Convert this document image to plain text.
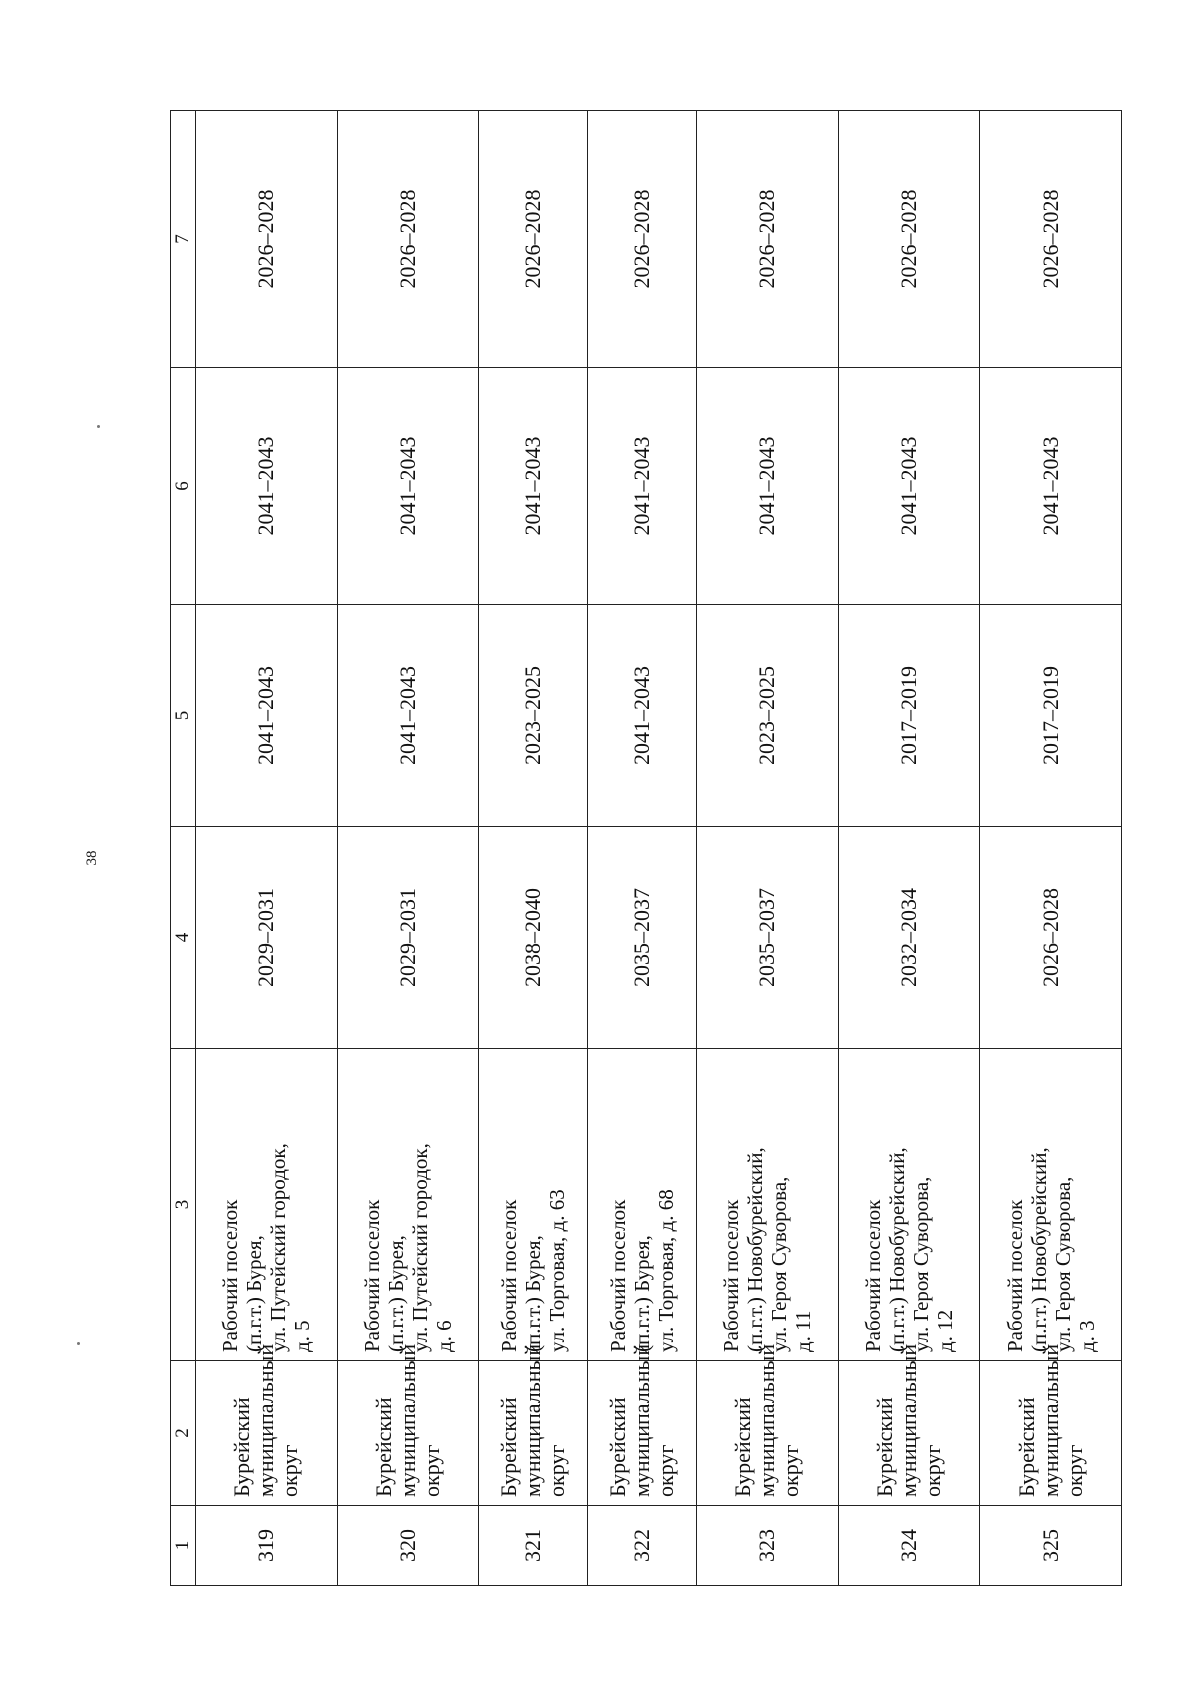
38
1	2	3	4	5	6	7
319	Бурейский муниципальный округ	Рабочий поселок (п.г.т.) Бурея, ул. Путейский городок, д. 5	2029–2031	2041–2043	2041–2043	2026–2028
320	Бурейский муниципальный округ	Рабочий поселок (п.г.т.) Бурея, ул. Путейский городок, д. 6	2029–2031	2041–2043	2041–2043	2026–2028
321	Бурейский муниципальный округ	Рабочий поселок (п.г.т.) Бурея, ул. Торговая, д. 63	2038–2040	2023–2025	2041–2043	2026–2028
322	Бурейский муниципальный округ	Рабочий поселок (п.г.т.) Бурея, ул. Торговая, д. 68	2035–2037	2041–2043	2041–2043	2026–2028
323	Бурейский муниципальный округ	Рабочий поселок (п.г.т.) Новобурейский, ул. Героя Суворова, д. 11	2035–2037	2023–2025	2041–2043	2026–2028
324	Бурейский муниципальный округ	Рабочий поселок (п.г.т.) Новобурейский, ул. Героя Суворова, д. 12	2032–2034	2017–2019	2041–2043	2026–2028
325	Бурейский муниципальный округ	Рабочий поселок (п.г.т.) Новобурейский, ул. Героя Суворова, д. 3	2026–2028	2017–2019	2041–2043	2026–2028
